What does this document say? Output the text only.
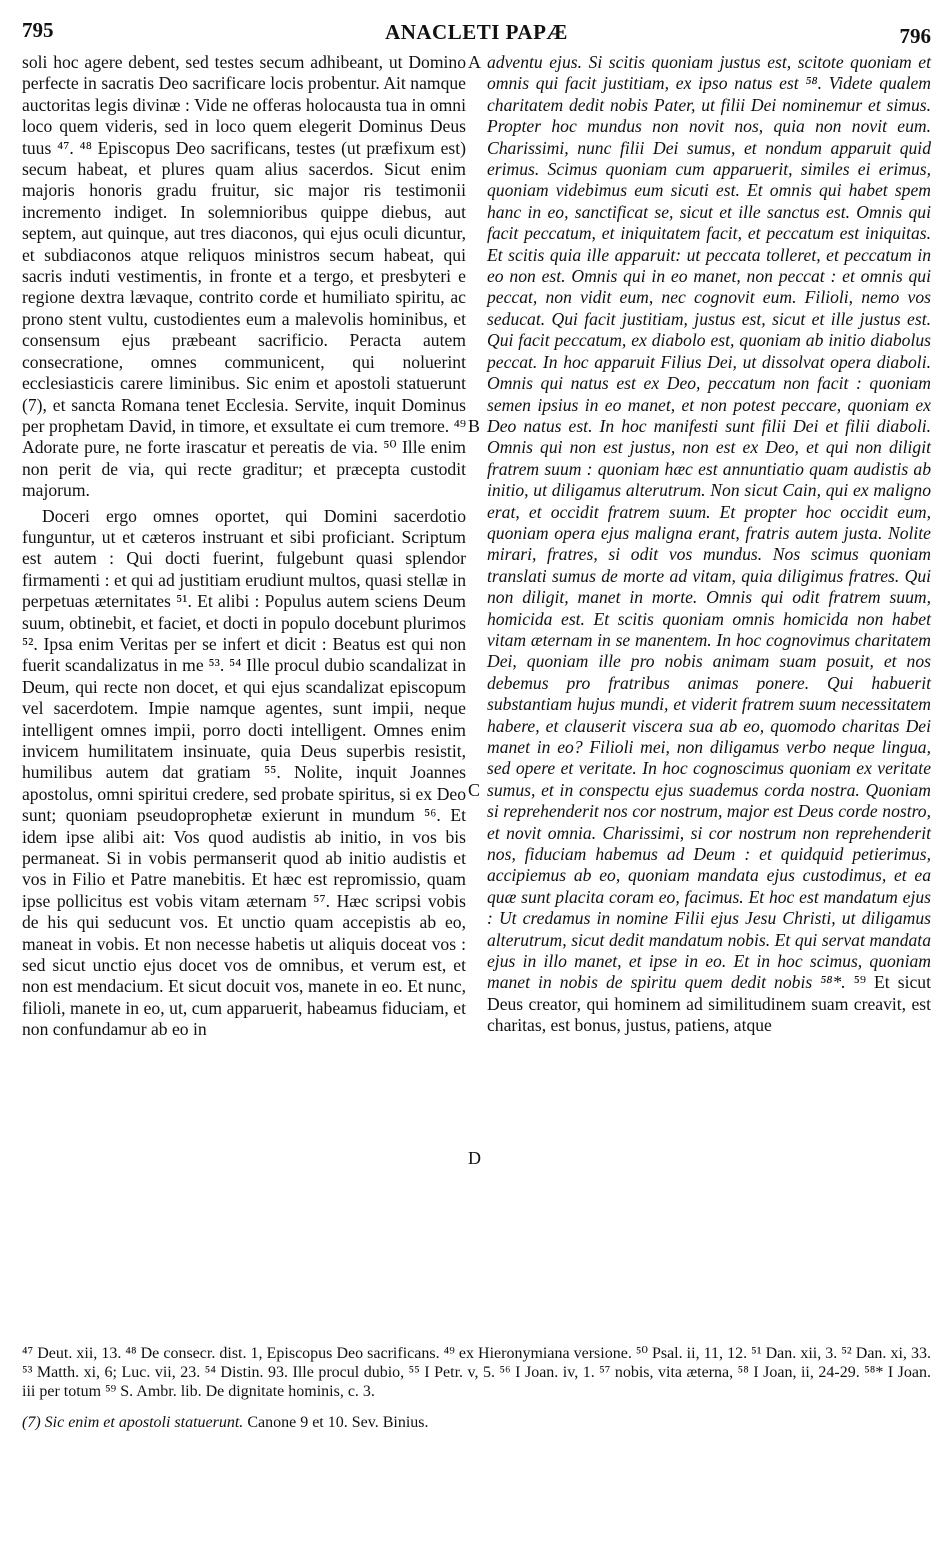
795	ANACLETI PAPÆ	796

soli hoc agere debent, sed testes secum adhibeant, ut Domino perfecte in sacratis Deo sacrificare locis probentur. Ait namque auctoritas legis divinæ : Vide ne offeras holocausta tua in omni loco quem videris, sed in loco quem elegerit Dominus Deus tuus ⁴⁷. ⁴⁸ Episcopus Deo sacrificans, testes (ut præfixum est) secum habeat, et plures quam alius sacerdos. Sicut enim majoris honoris gradu fruitur, sic major ris testimonii incremento indiget. In solemnioribus quippe diebus, aut septem, aut quinque, aut tres diaconos, qui ejus oculi dicuntur, et subdiaconos atque reliquos ministros secum habeat, qui sacris induti vestimentis, in fronte et a tergo, et presbyteri e regione dextra lævaque, contrito corde et humiliato spiritu, ac prono stent vultu, custodientes eum a malevolis hominibus, et consensum ejus præbeant sacrificio. Peracta autem consecratione, omnes communicent, qui noluerint ecclesiasticis carere liminibus. Sic enim et apostoli statuerunt (7), et sancta Romana tenet Ecclesia. Servite, inquit Dominus per prophetam David, in timore, et exsultate ei cum tremore. ⁴⁹ Adorate pure, ne forte irascatur et pereatis de via. ⁵⁰ Ille enim non perit de via, qui recte graditur; et præcepta custodit majorum.

Doceri ergo omnes oportet, qui Domini sacerdotio funguntur, ut et cæteros instruant et sibi proficiant. Scriptum est autem : Qui docti fuerint, fulgebunt quasi splendor firmamenti : et qui ad justitiam erudiunt multos, quasi stellæ in perpetuas æternitates ⁵¹. Et alibi : Populus autem sciens Deum suum, obtinebit, et faciet, et docti in populo docebunt plurimos ⁵². Ipsa enim Veritas per se infert et dicit : Beatus est qui non fuerit scandalizatus in me ⁵³. ⁵⁴ Ille procul dubio scandalizat in Deum, qui recte non docet, et qui ejus scandalizat episcopum vel sacerdotem. Impie namque agentes, sunt impii, neque intelligent omnes impii, porro docti intelligent. Omnes enim invicem humilitatem insinuate, quia Deus superbis resistit, humilibus autem dat gratiam ⁵⁵. Nolite, inquit Joannes apostolus, omni spiritui credere, sed probate spiritus, si ex Deo sunt; quoniam pseudoprophetæ exierunt in mundum ⁵⁶. Et idem ipse alibi ait: Vos quod audistis ab initio, in vos bis permaneat. Si in vobis permanserit quod ab initio audistis et vos in Filio et Patre manebitis. Et hæc est repromissio, quam ipse pollicitus est vobis vitam æternam ⁵⁷. Hæc scripsi vobis de his qui seducunt vos. Et unctio quam accepistis ab eo, maneat in vobis. Et non necesse habetis ut aliquis doceat vos : sed sicut unctio ejus docet vos de omnibus, et verum est, et non est mendacium. Et sicut docuit vos, manete in eo. Et nunc, filioli, manete in eo, ut, cum apparuerit, habeamus fiduciam, et non confundamur ab eo in

A
B
C
D

adventu ejus. Si scitis quoniam justus est, scitote quoniam et omnis qui facit justitiam, ex ipso natus est ⁵⁸. Videte qualem charitatem dedit nobis Pater, ut filii Dei nominemur et simus. Propter hoc mundus non novit nos, quia non novit eum. Charissimi, nunc filii Dei sumus, et nondum apparuit quid erimus. Scimus quoniam cum apparuerit, similes ei erimus, quoniam videbimus eum sicuti est. Et omnis qui habet spem hanc in eo, sanctificat se, sicut et ille sanctus est. Omnis qui facit peccatum, et iniquitatem facit, et peccatum est iniquitas. Et scitis quia ille apparuit: ut peccata tolleret, et peccatum in eo non est. Omnis qui in eo manet, non peccat : et omnis qui peccat, non vidit eum, nec cognovit eum. Filioli, nemo vos seducat. Qui facit justitiam, justus est, sicut et ille justus est. Qui facit peccatum, ex diabolo est, quoniam ab initio diabolus peccat. In hoc apparuit Filius Dei, ut dissolvat opera diaboli. Omnis qui natus est ex Deo, peccatum non facit : quoniam semen ipsius in eo manet, et non potest peccare, quoniam ex Deo natus est. In hoc manifesti sunt filii Dei et filii diaboli. Omnis qui non est justus, non est ex Deo, et qui non diligit fratrem suum : quoniam hæc est annuntiatio quam audistis ab initio, ut diligamus alterutrum. Non sicut Cain, qui ex maligno erat, et occidit fratrem suum. Et propter hoc occidit eum, quoniam opera ejus maligna erant, fratris autem justa. Nolite mirari, fratres, si odit vos mundus. Nos scimus quoniam translati sumus de morte ad vitam, quia diligimus fratres. Qui non diligit, manet in morte. Omnis qui odit fratrem suum, homicida est. Et scitis quoniam omnis homicida non habet vitam æternam in se manentem. In hoc cognovimus charitatem Dei, quoniam ille pro nobis animam suam posuit, et nos debemus pro fratribus animas ponere. Qui habuerit substantiam hujus mundi, et viderit fratrem suum necessitatem habere, et clauserit viscera sua ab eo, quomodo charitas Dei manet in eo? Filioli mei, non diligamus verbo neque lingua, sed opere et veritate. In hoc cognoscimus quoniam ex veritate sumus, et in conspectu ejus suademus corda nostra. Quoniam si reprehenderit nos cor nostrum, major est Deus corde nostro, et novit omnia. Charissimi, si cor nostrum non reprehenderit nos, fiduciam habemus ad Deum : et quidquid petierimus, accipiemus ab eo, quoniam mandata ejus custodimus, et ea quæ sunt placita coram eo, facimus. Et hoc est mandatum ejus : Ut credamus in nomine Filii ejus Jesu Christi, ut diligamus alterutrum, sicut dedit mandatum nobis. Et qui servat mandata ejus in illo manet, et ipse in eo. Et in hoc scimus, quoniam manet in nobis de spiritu quem dedit nobis ⁵⁸*. ⁵⁹ Et sicut Deus creator, qui hominem ad similitudinem suam creavit, est charitas, est bonus, justus, patiens, atque

⁴⁷ Deut. xii, 13. ⁴⁸ De consecr. dist. 1, Episcopus Deo sacrificans. ⁴⁹ ex Hieronymiana versione. ⁵⁰ Psal. ii, 11, 12. ⁵¹ Dan. xii, 3. ⁵² Dan. xi, 33. ⁵³ Matth. xi, 6; Luc. vii, 23. ⁵⁴ Distin. 93. Ille procul dubio, ⁵⁵ I Petr. v, 5. ⁵⁶ I Joan. iv, 1. ⁵⁷ nobis, vita æterna, ⁵⁸ I Joan, ii, 24-29. ⁵⁸* I Joan. iii per totum ⁵⁹ S. Ambr. lib. De dignitate hominis, c. 3.

(7) Sic enim et apostoli statuerunt. Canone 9 et 10. Sev. Binius.
